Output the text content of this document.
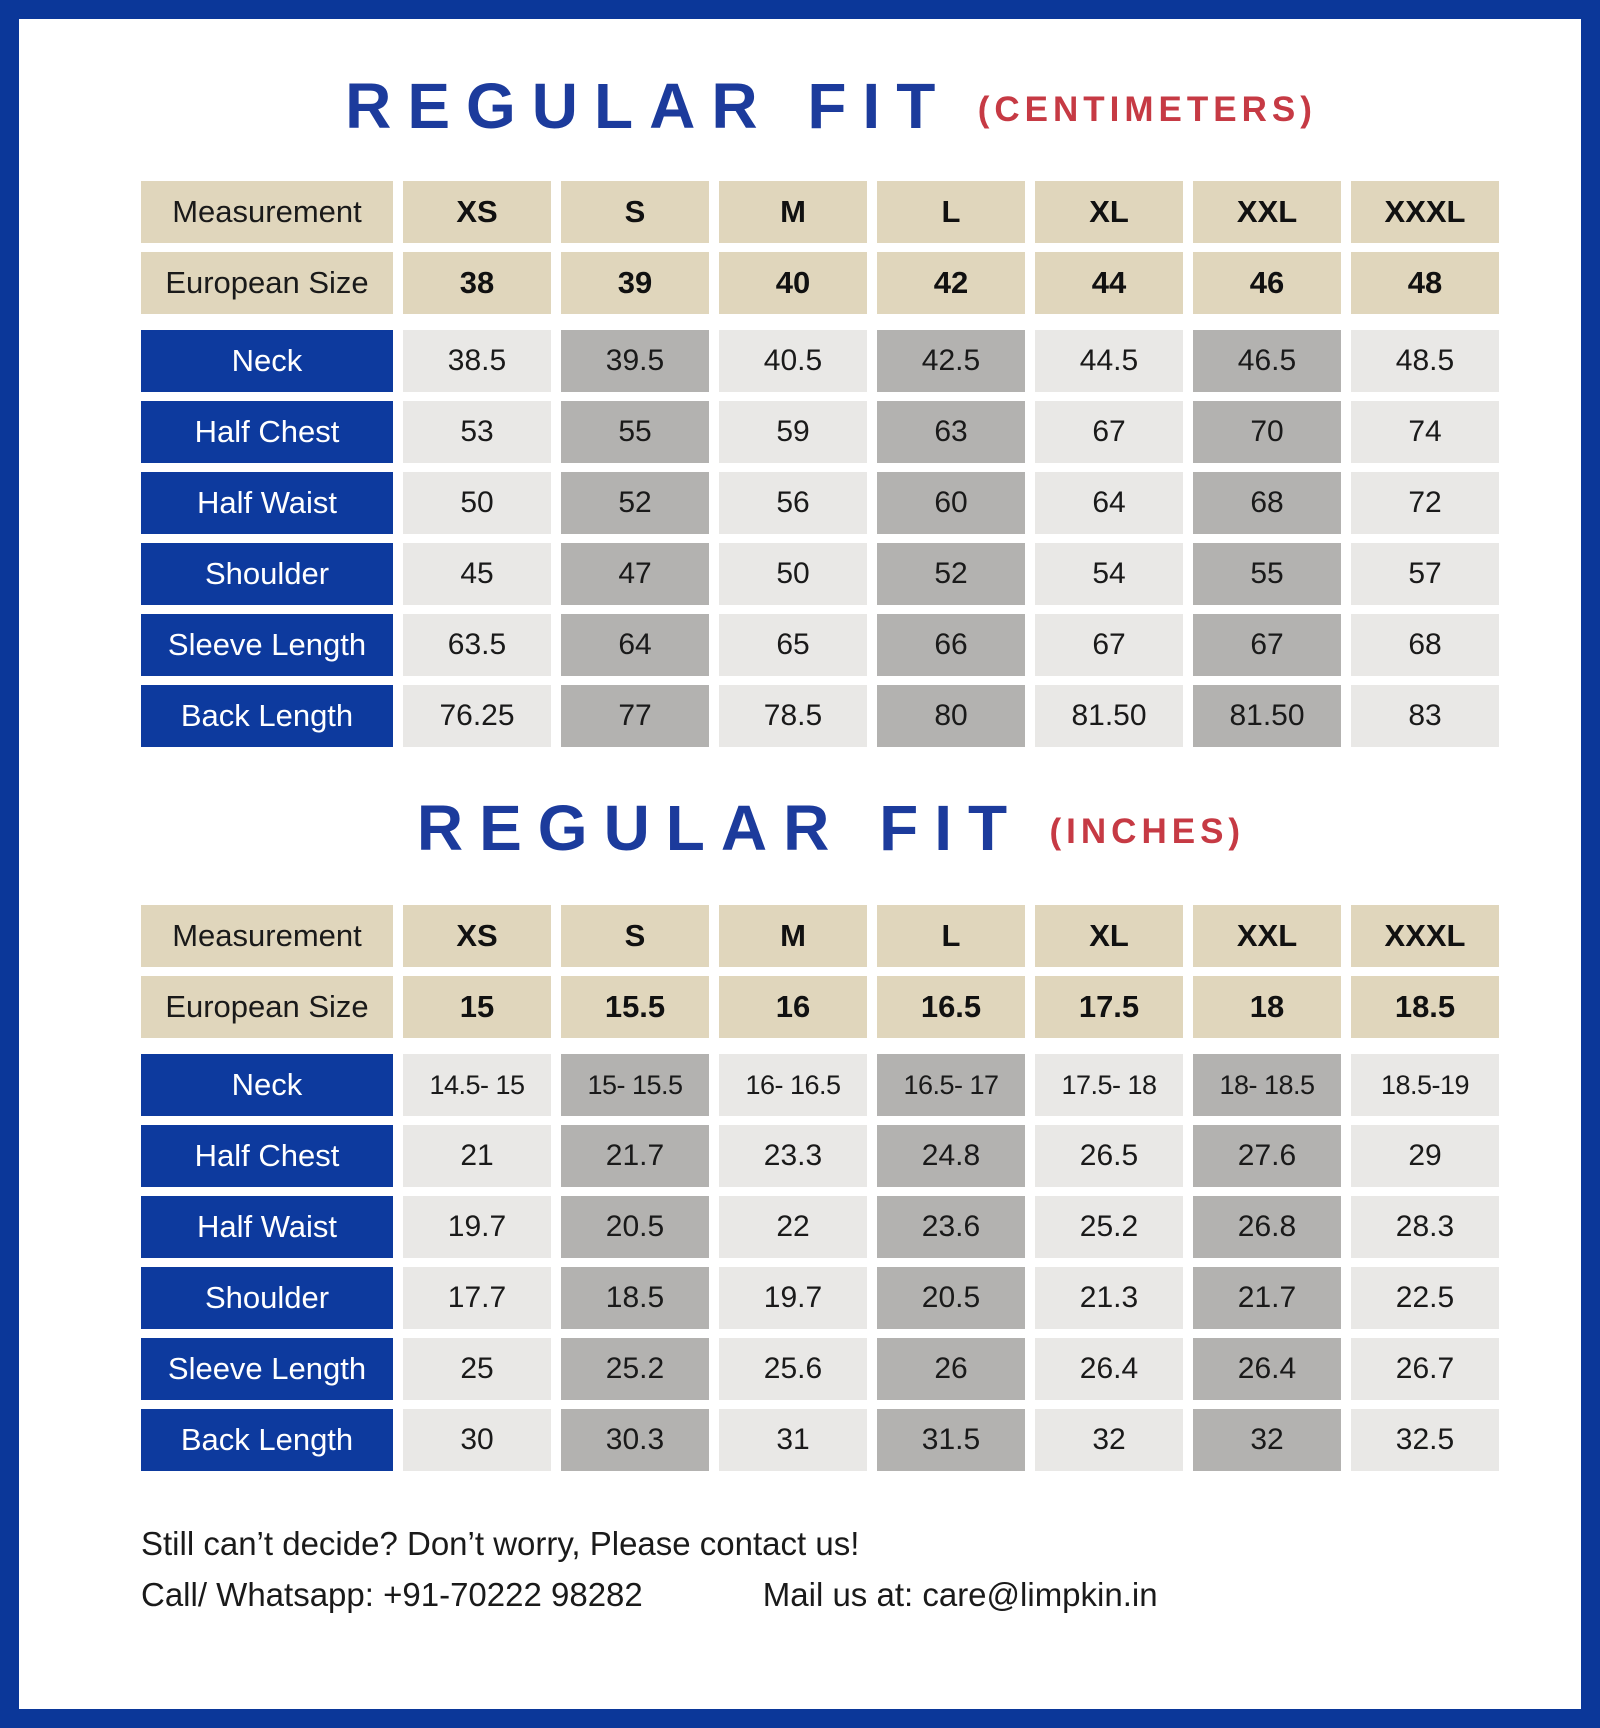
REGULAR FIT (CENTIMETERS)
Measurement	XS	S	M	L	XL	XXL	XXXL
European Size	38	39	40	42	44	46	48
Neck	38.5	39.5	40.5	42.5	44.5	46.5	48.5
Half Chest	53	55	59	63	67	70	74
Half Waist	50	52	56	60	64	68	72
Shoulder	45	47	50	52	54	55	57
Sleeve Length	63.5	64	65	66	67	67	68
Back Length	76.25	77	78.5	80	81.50	81.50	83
REGULAR FIT (INCHES)
Measurement	XS	S	M	L	XL	XXL	XXXL
European Size	15	15.5	16	16.5	17.5	18	18.5
Neck	14.5- 15	15- 15.5	16- 16.5	16.5- 17	17.5- 18	18- 18.5	18.5-19
Half Chest	21	21.7	23.3	24.8	26.5	27.6	29
Half Waist	19.7	20.5	22	23.6	25.2	26.8	28.3
Shoulder	17.7	18.5	19.7	20.5	21.3	21.7	22.5
Sleeve Length	25	25.2	25.6	26	26.4	26.4	26.7
Back Length	30	30.3	31	31.5	32	32	32.5

Still can’t decide? Don’t worry, Please contact us!

Call/ Whatsapp: +91-70222 98282	Mail us at: care@limpkin.in
